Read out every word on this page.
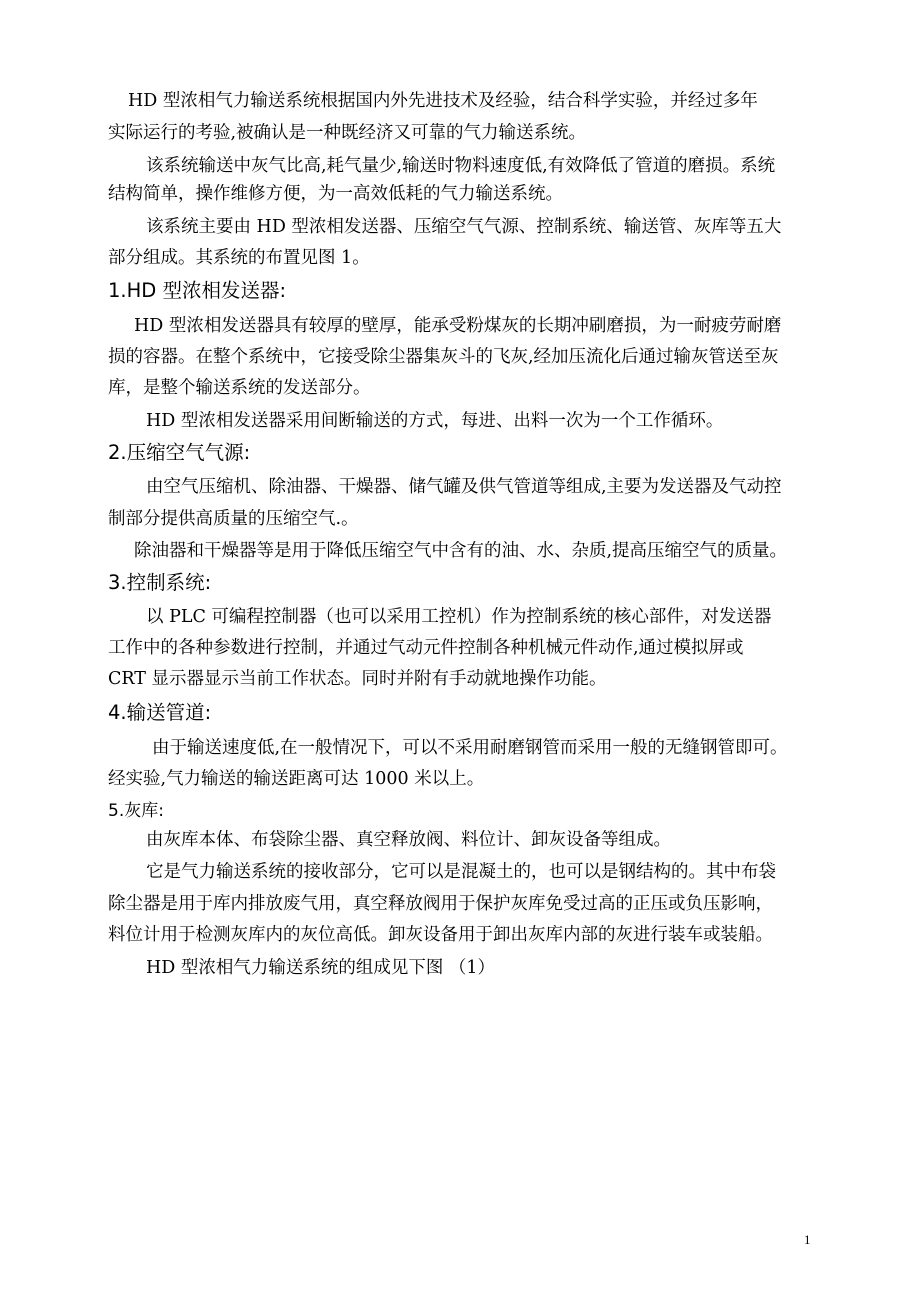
HD 型浓相气力输送系统根据国内外先进技术及经验，结合科学实验，并经过多年
实际运行的考验,被确认是一种既经济又可靠的气力输送系统。
该系统输送中灰气比高,耗气量少,输送时物料速度低,有效降低了管道的磨损。系统
结构简单，操作维修方便，为一高效低耗的气力输送系统。
该系统主要由 HD 型浓相发送器、压缩空气气源、控制系统、输送管、灰库等五大
部分组成。其系统的布置见图 1。
1.HD 型浓相发送器:
HD 型浓相发送器具有较厚的壁厚，能承受粉煤灰的长期冲刷磨损，为一耐疲劳耐磨
损的容器。在整个系统中，它接受除尘器集灰斗的飞灰,经加压流化后通过输灰管送至灰
库，是整个输送系统的发送部分。
HD 型浓相发送器采用间断输送的方式，每进、出料一次为一个工作循环。
2.压缩空气气源:
由空气压缩机、除油器、干燥器、储气罐及供气管道等组成,主要为发送器及气动控
制部分提供高质量的压缩空气.。
除油器和干燥器等是用于降低压缩空气中含有的油、水、杂质,提高压缩空气的质量。
3.控制系统:
以 PLC 可编程控制器（也可以采用工控机）作为控制系统的核心部件，对发送器
工作中的各种参数进行控制，并通过气动元件控制各种机械元件动作,通过模拟屏或
CRT 显示器显示当前工作状态。同时并附有手动就地操作功能。
4.输送管道:
由于输送速度低,在一般情况下，可以不采用耐磨钢管而采用一般的无缝钢管即可。
经实验,气力输送的输送距离可达 1000 米以上。
5.灰库:
由灰库本体、布袋除尘器、真空释放阀、料位计、卸灰设备等组成。
它是气力输送系统的接收部分，它可以是混凝土的，也可以是钢结构的。其中布袋
除尘器是用于库内排放废气用，真空释放阀用于保护灰库免受过高的正压或负压影响，
料位计用于检测灰库内的灰位高低。卸灰设备用于卸出灰库内部的灰进行装车或装船。
HD 型浓相气力输送系统的组成见下图 （1）
1
